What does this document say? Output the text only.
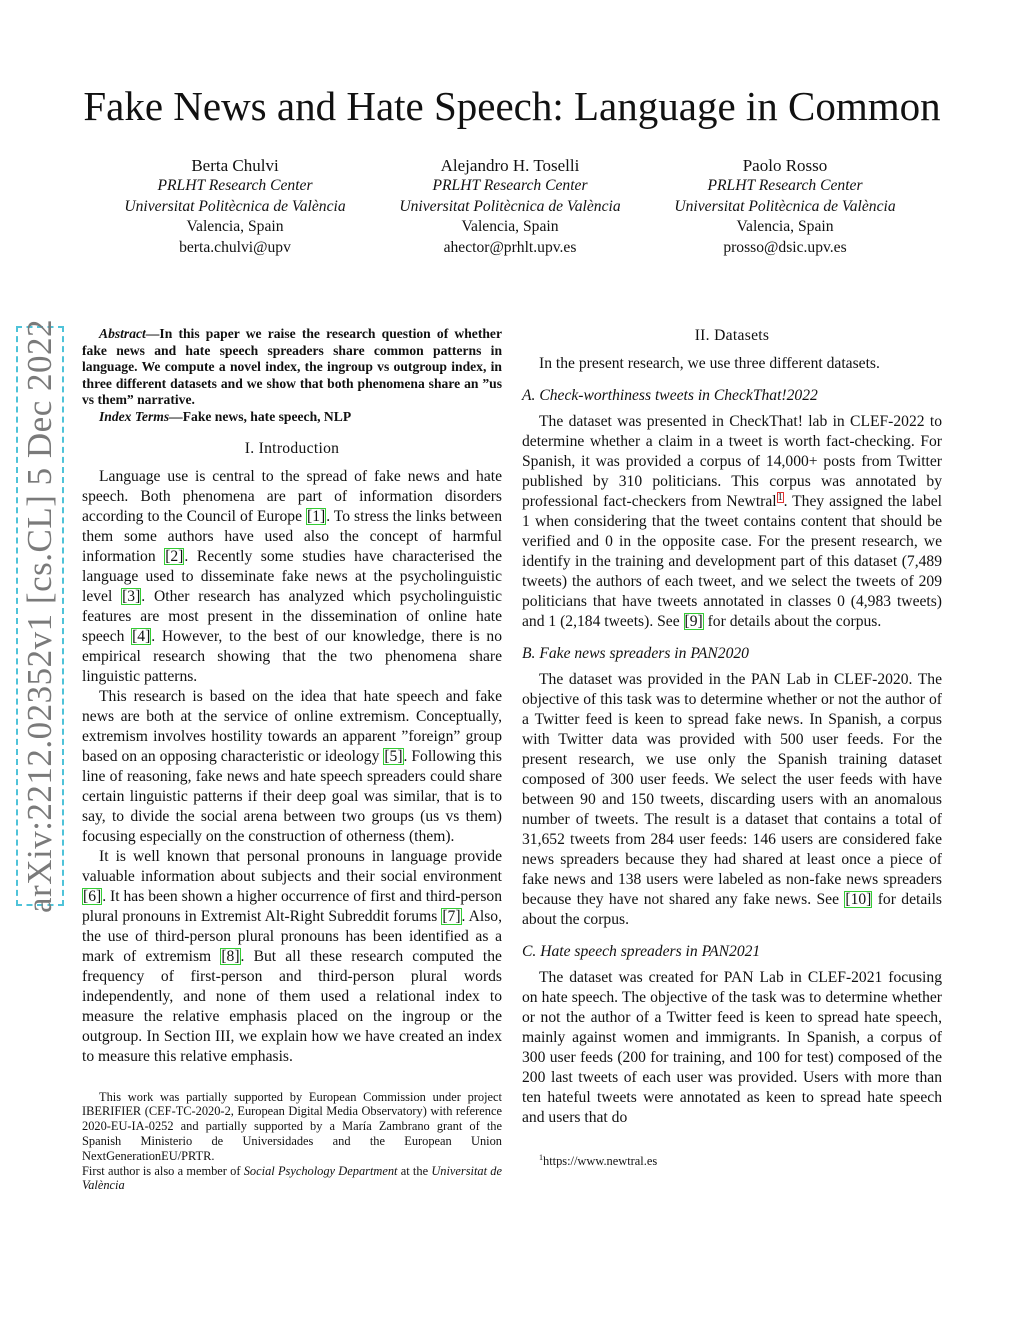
arXiv:2212.02352v1 [cs.CL] 5 Dec 2022
Fake News and Hate Speech: Language in Common
Berta Chulvi
PRLHT Research Center
Universitat Politècnica de València
Valencia, Spain
berta.chulvi@upv
Alejandro H. Toselli
PRLHT Research Center
Universitat Politècnica de València
Valencia, Spain
ahector@prhlt.upv.es
Paolo Rosso
PRLHT Research Center
Universitat Politècnica de València
Valencia, Spain
prosso@dsic.upv.es

Abstract—In this paper we raise the research question of whether fake news and hate speech spreaders share common patterns in language. We compute a novel index, the ingroup vs outgroup index, in three different datasets and we show that both phenomena share an ”us vs them” narrative.

Index Terms—Fake news, hate speech, NLP

I. Introduction

Language use is central to the spread of fake news and hate speech. Both phenomena are part of information disorders according to the Council of Europe [1]. To stress the links between them some authors have used also the concept of harmful information [2]. Recently some studies have characterised the language used to disseminate fake news at the psycholinguistic level [3]. Other research has analyzed which psycholinguistic features are most present in the dissemination of online hate speech [4]. However, to the best of our knowledge, there is no empirical research showing that the two phenomena share linguistic patterns.

This research is based on the idea that hate speech and fake news are both at the service of online extremism. Conceptually, extremism involves hostility towards an apparent ”foreign” group based on an opposing characteristic or ideology [5]. Following this line of reasoning, fake news and hate speech spreaders could share certain linguistic patterns if their deep goal was similar, that is to say, to divide the social arena between two groups (us vs them) focusing especially on the construction of otherness (them).

It is well known that personal pronouns in language provide valuable information about subjects and their social environment [6]. It has been shown a higher occurrence of first and third-person plural pronouns in Extremist Alt-Right Subreddit forums [7]. Also, the use of third-person plural pronouns has been identified as a mark of extremism [8]. But all these research computed the frequency of first-person and third-person plural words independently, and none of them used a relational index to measure the relative emphasis placed on the ingroup or the outgroup. In Section III, we explain how we have created an index to measure this relative emphasis.

This work was partially supported by European Commission under project IBERIFIER (CEF-TC-2020-2, European Digital Media Observatory) with reference 2020-EU-IA-0252 and partially supported by a María Zambrano grant of the Spanish Ministerio de Universidades and the European Union NextGenerationEU/PRTR.

First author is also a member of Social Psychology Department at the Universitat de València

II. Datasets

In the present research, we use three different datasets.

A. Check-worthiness tweets in CheckThat!2022

The dataset was presented in CheckThat! lab in CLEF-2022 to determine whether a claim in a tweet is worth fact-checking. For Spanish, it was provided a corpus of 14,000+ posts from Twitter published by 310 politicians. This corpus was annotated by professional fact-checkers from Newtral$^1$. They assigned the label 1 when considering that the tweet contains content that should be verified and 0 in the opposite case. For the present research, we identify in the training and development part of this dataset (7,489 tweets) the authors of each tweet, and we select the tweets of 209 politicians that have tweets annotated in classes 0 (4,983 tweets) and 1 (2,184 tweets). See [9] for details about the corpus.

B. Fake news spreaders in PAN2020

The dataset was provided in the PAN Lab in CLEF-2020. The objective of this task was to determine whether or not the author of a Twitter feed is keen to spread fake news. In Spanish, a corpus with Twitter data was provided with 500 user feeds. For the present research, we use only the Spanish training dataset composed of 300 user feeds. We select the user feeds with have between 90 and 150 tweets, discarding users with an anomalous number of tweets. The result is a dataset that contains a total of 31,652 tweets from 284 user feeds: 146 users are considered fake news spreaders because they had shared at least once a piece of fake news and 138 users were labeled as non-fake news spreaders because they have not shared any fake news. See [10] for details about the corpus.

C. Hate speech spreaders in PAN2021

The dataset was created for PAN Lab in CLEF-2021 focusing on hate speech. The objective of the task was to determine whether or not the author of a Twitter feed is keen to spread hate speech, mainly against women and immigrants. In Spanish, a corpus of 300 user feeds (200 for training, and 100 for test) composed of the 200 last tweets of each user was provided. Users with more than ten hateful tweets were annotated as keen to spread hate speech and users that do

$^1$https://www.newtral.es
